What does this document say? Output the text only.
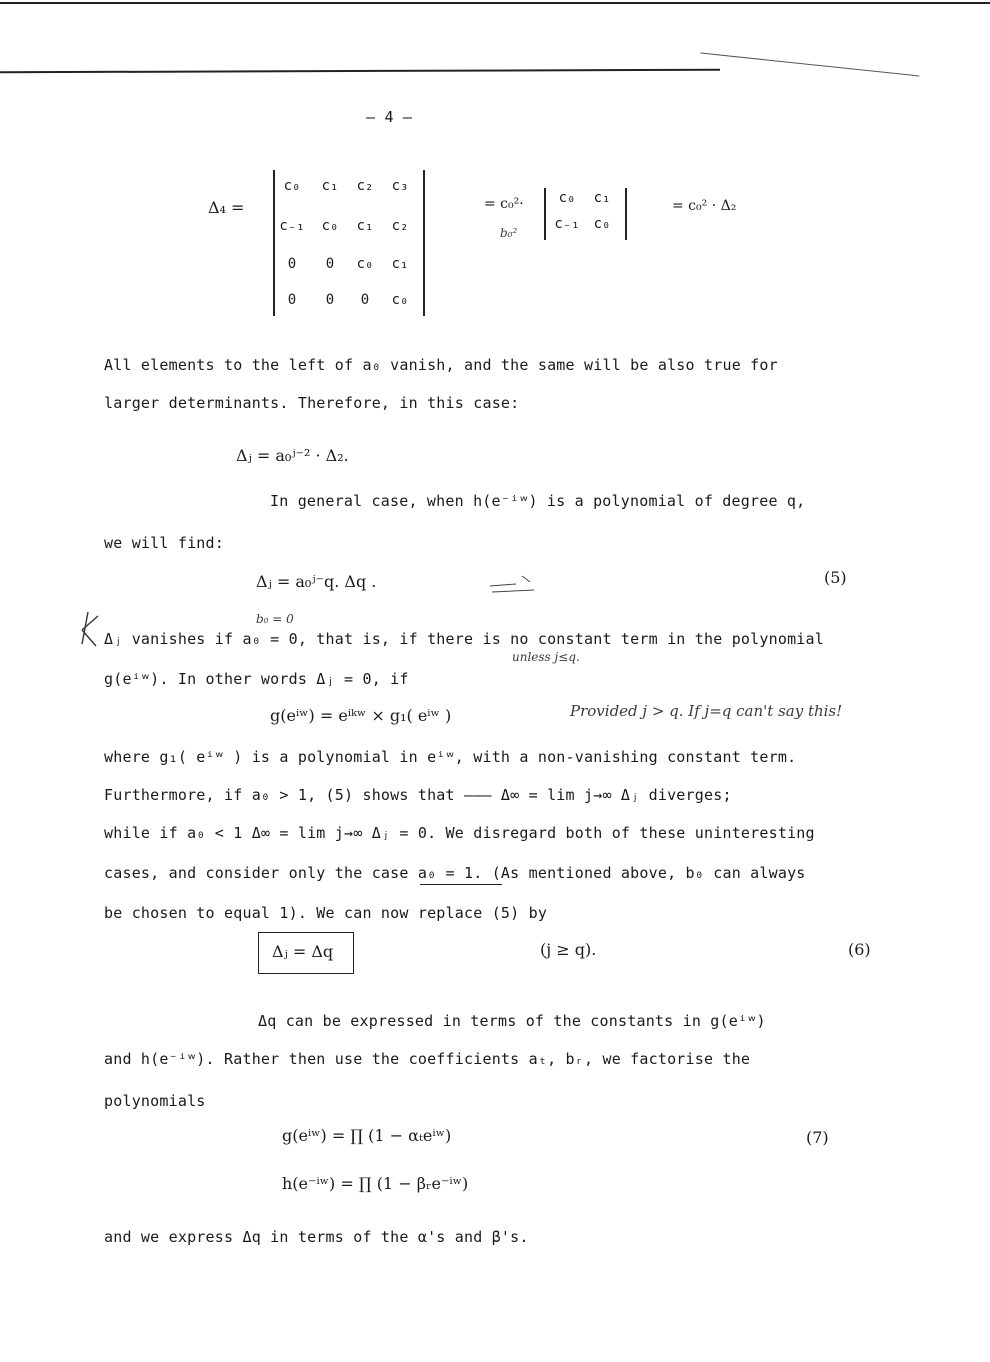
– 4 –
Δ₄ =
c₀	c₁	c₂	c₃
c₋₁	c₀	c₁	c₂
0	0	c₀	c₁
0	0	0	c₀
= c₀²·
b₀²
c₀	c₁
c₋₁ c₀
= c₀² · Δ₂
All elements to the left of a₀ vanish, and the same will be also true for
larger determinants. Therefore, in this case:
Δⱼ = a₀ʲ⁻² · Δ₂.
In general case, when h(e⁻ⁱʷ) is a polynomial of degree q,
we will find:
Δⱼ = a₀ʲ⁻q. Δq .	(5)
b₀ = 0
Δⱼ vanishes if a₀ = 0, that is, if there is no constant term in the polynomial
unless j≤q.
g(eⁱʷ). In other words Δⱼ = 0, if
g(eⁱʷ) = eⁱᵏʷ × g₁( eⁱʷ )	Provided j > q. If j=q can't say this!
where g₁( eⁱʷ ) is a polynomial in eⁱʷ, with a non-vanishing constant term.
Furthermore, if a₀ > 1, (5) shows that ——— Δ∞ = lim j→∞ Δⱼ diverges;
while if a₀ < 1 Δ∞ = lim j→∞ Δⱼ = 0. We disregard both of these uninteresting
cases, and consider only the case a₀ = 1. (As mentioned above, b₀ can always
be chosen to equal 1). We can now replace (5) by
Δⱼ = Δq	(j ≥ q).	(6)
Δq can be expressed in terms of the constants in g(eⁱʷ)
and h(e⁻ⁱʷ). Rather then use the coefficients aₜ, bᵣ, we factorise the
polynomials
g(eⁱʷ) = ∏ (1 − αₜeⁱʷ)
h(e⁻ⁱʷ) = ∏ (1 − βᵣe⁻ⁱʷ)
(7)
and we express Δq in terms of the α's and β's.
